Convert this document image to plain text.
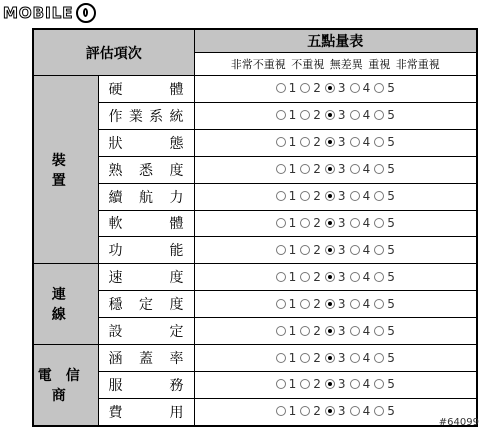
MOBILE
評估項次		五點量表
		非常不重視 不重視 無差異 重視 非常重視
裝 置	硬體	1 2 3 4 5

	作業系統	1 2 3 4 5

	狀態	1 2 3 4 5

	熟悉度	1 2 3 4 5

	續航力	1 2 3 4 5

	軟體	1 2 3 4 5

	功能	1 2 3 4 5

連 線	速度	1 2 3 4 5

	穩定度	1 2 3 4 5

	設定	1 2 3 4 5

電信商	涵蓋率	1 2 3 4 5

	服務	1 2 3 4 5

	費用	1 2 3 4 5
#64099
